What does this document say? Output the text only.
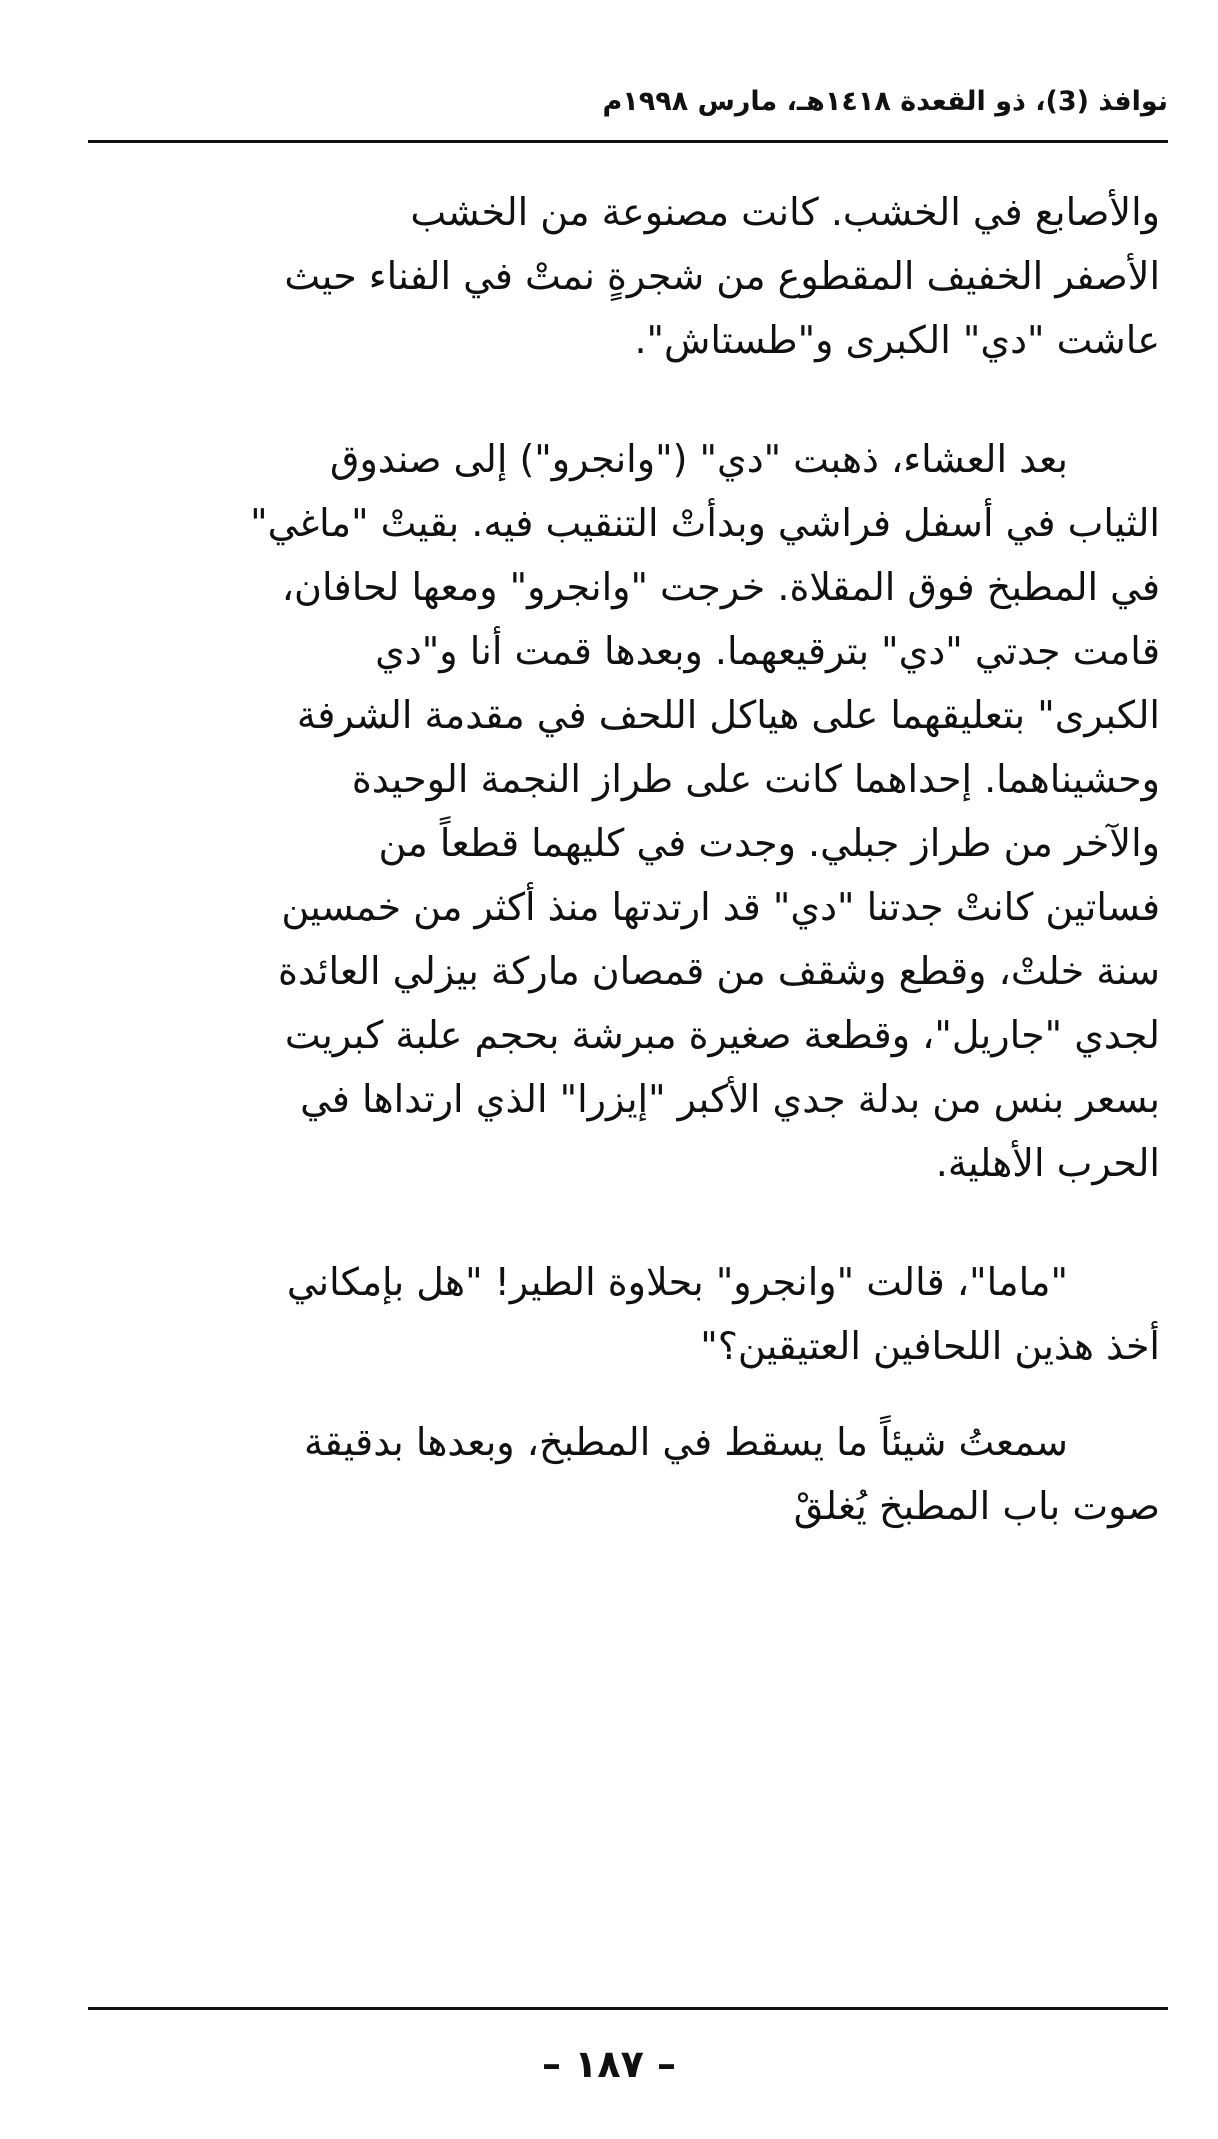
نوافذ (3)، ذو القعدة ١٤١٨هـ، مارس ١٩٩٨م
والأصابع في الخشب. كانت مصنوعة من الخشب
الأصفر الخفيف المقطوع من شجرةٍ نمتْ في الفناء حيث
عاشت "دي" الكبرى و"طستاش".
بعد العشاء، ذهبت "دي" ("وانجرو") إلى صندوق
الثياب في أسفل فراشي وبدأتْ التنقيب فيه. بقيتْ "ماغي"
في المطبخ فوق المقلاة. خرجت "وانجرو" ومعها لحافان،
قامت جدتي "دي" بترقيعهما. وبعدها قمت أنا و"دي
الكبرى" بتعليقهما على هياكل اللحف في مقدمة الشرفة
وحشيناهما. إحداهما كانت على طراز النجمة الوحيدة
والآخر من طراز جبلي. وجدت في كليهما قطعاً من
فساتين كانتْ جدتنا "دي" قد ارتدتها منذ أكثر من خمسين
سنة خلتْ، وقطع وشقف من قمصان ماركة بيزلي العائدة
لجدي "جاريل"، وقطعة صغيرة مبرشة بحجم علبة كبريت
بسعر بنس من بدلة جدي الأكبر "إيزرا" الذي ارتداها في
الحرب الأهلية.
"ماما"، قالت "وانجرو" بحلاوة الطير! "هل بإمكاني
أخذ هذين اللحافين العتيقين؟"
سمعتُ شيئاً ما يسقط في المطبخ، وبعدها بدقيقة
صوت باب المطبخ يُغلقْ
– ١٨٧ –
